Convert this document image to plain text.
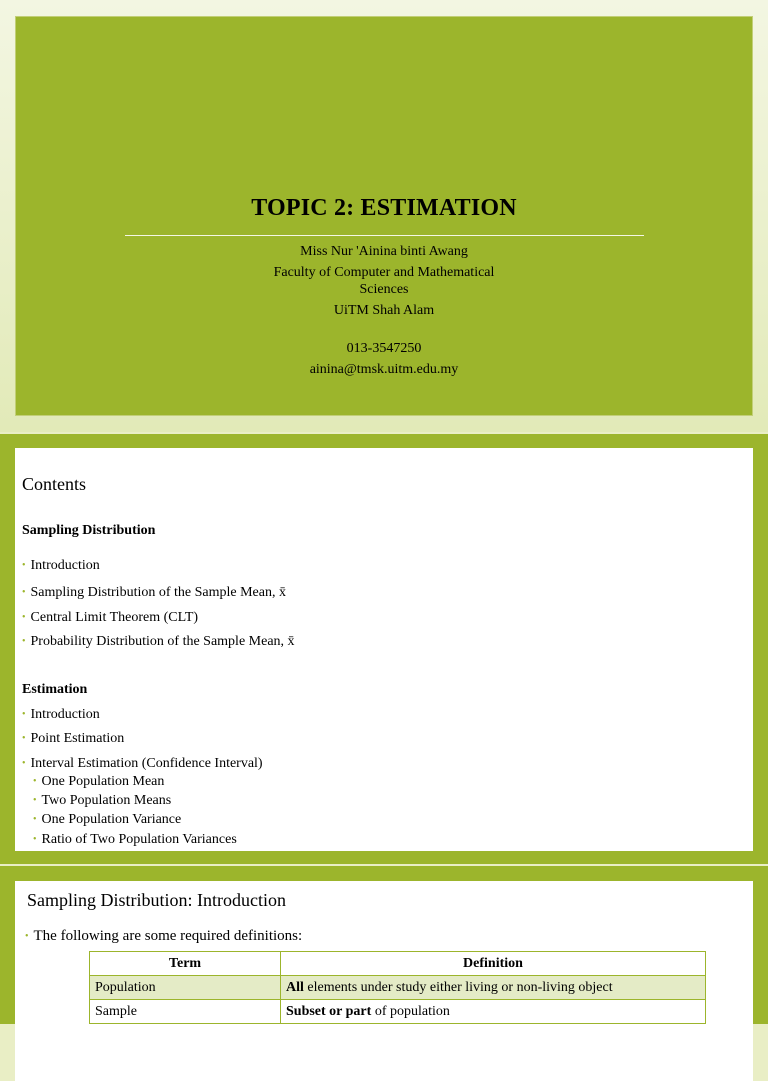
TOPIC 2: ESTIMATION
Miss Nur 'Ainina binti Awang
Faculty of Computer and Mathematical Sciences
UiTM Shah Alam
013-3547250
ainina@tmsk.uitm.edu.my
Contents
Sampling Distribution
• Introduction
• Sampling Distribution of the Sample Mean, x̄
• Central Limit Theorem (CLT)
• Probability Distribution of the Sample Mean, x̄
Estimation
• Introduction
• Point Estimation
• Interval Estimation (Confidence Interval)
• One Population Mean
• Two Population Means
• One Population Variance
• Ratio of Two Population Variances
Sampling Distribution: Introduction
• The following are some required definitions:
Term	Definition
Population	All elements under study either living or non-living object
Sample	Subset or part of population
